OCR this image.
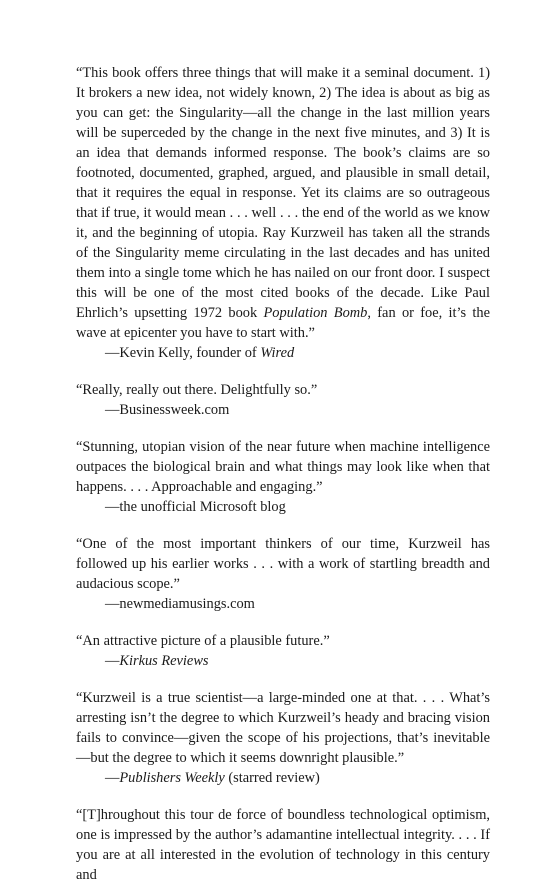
“This book offers three things that will make it a seminal document. 1) It brokers a new idea, not widely known, 2) The idea is about as big as you can get: the Singularity—all the change in the last million years will be superceded by the change in the next five minutes, and 3) It is an idea that demands informed response. The book’s claims are so footnoted, documented, graphed, argued, and plausible in small detail, that it requires the equal in response. Yet its claims are so outrageous that if true, it would mean . . . well . . . the end of the world as we know it, and the beginning of utopia. Ray Kurzweil has taken all the strands of the Singularity meme circulating in the last decades and has united them into a single tome which he has nailed on our front door. I suspect this will be one of the most cited books of the decade. Like Paul Ehrlich’s upsetting 1972 book Population Bomb, fan or foe, it’s the wave at epicenter you have to start with.”

—Kevin Kelly, founder of Wired

“Really, really out there. Delightfully so.”

—Businessweek.com

“Stunning, utopian vision of the near future when machine intelligence outpaces the biological brain and what things may look like when that happens. . . . Approachable and engaging.”

—the unofficial Microsoft blog

“One of the most important thinkers of our time, Kurzweil has followed up his earlier works . . . with a work of startling breadth and audacious scope.”

—newmediamusings.com

“An attractive picture of a plausible future.”

—Kirkus Reviews

“Kurzweil is a true scientist—a large-minded one at that. . . . What’s arresting isn’t the degree to which Kurzweil’s heady and bracing vision fails to convince—given the scope of his projections, that’s inevitable—but the degree to which it seems downright plausible.”

—Publishers Weekly (starred review)

“[T]hroughout this tour de force of boundless technological optimism, one is impressed by the author’s adamantine intellectual integrity. . . . If you are at all interested in the evolution of technology in this century and
